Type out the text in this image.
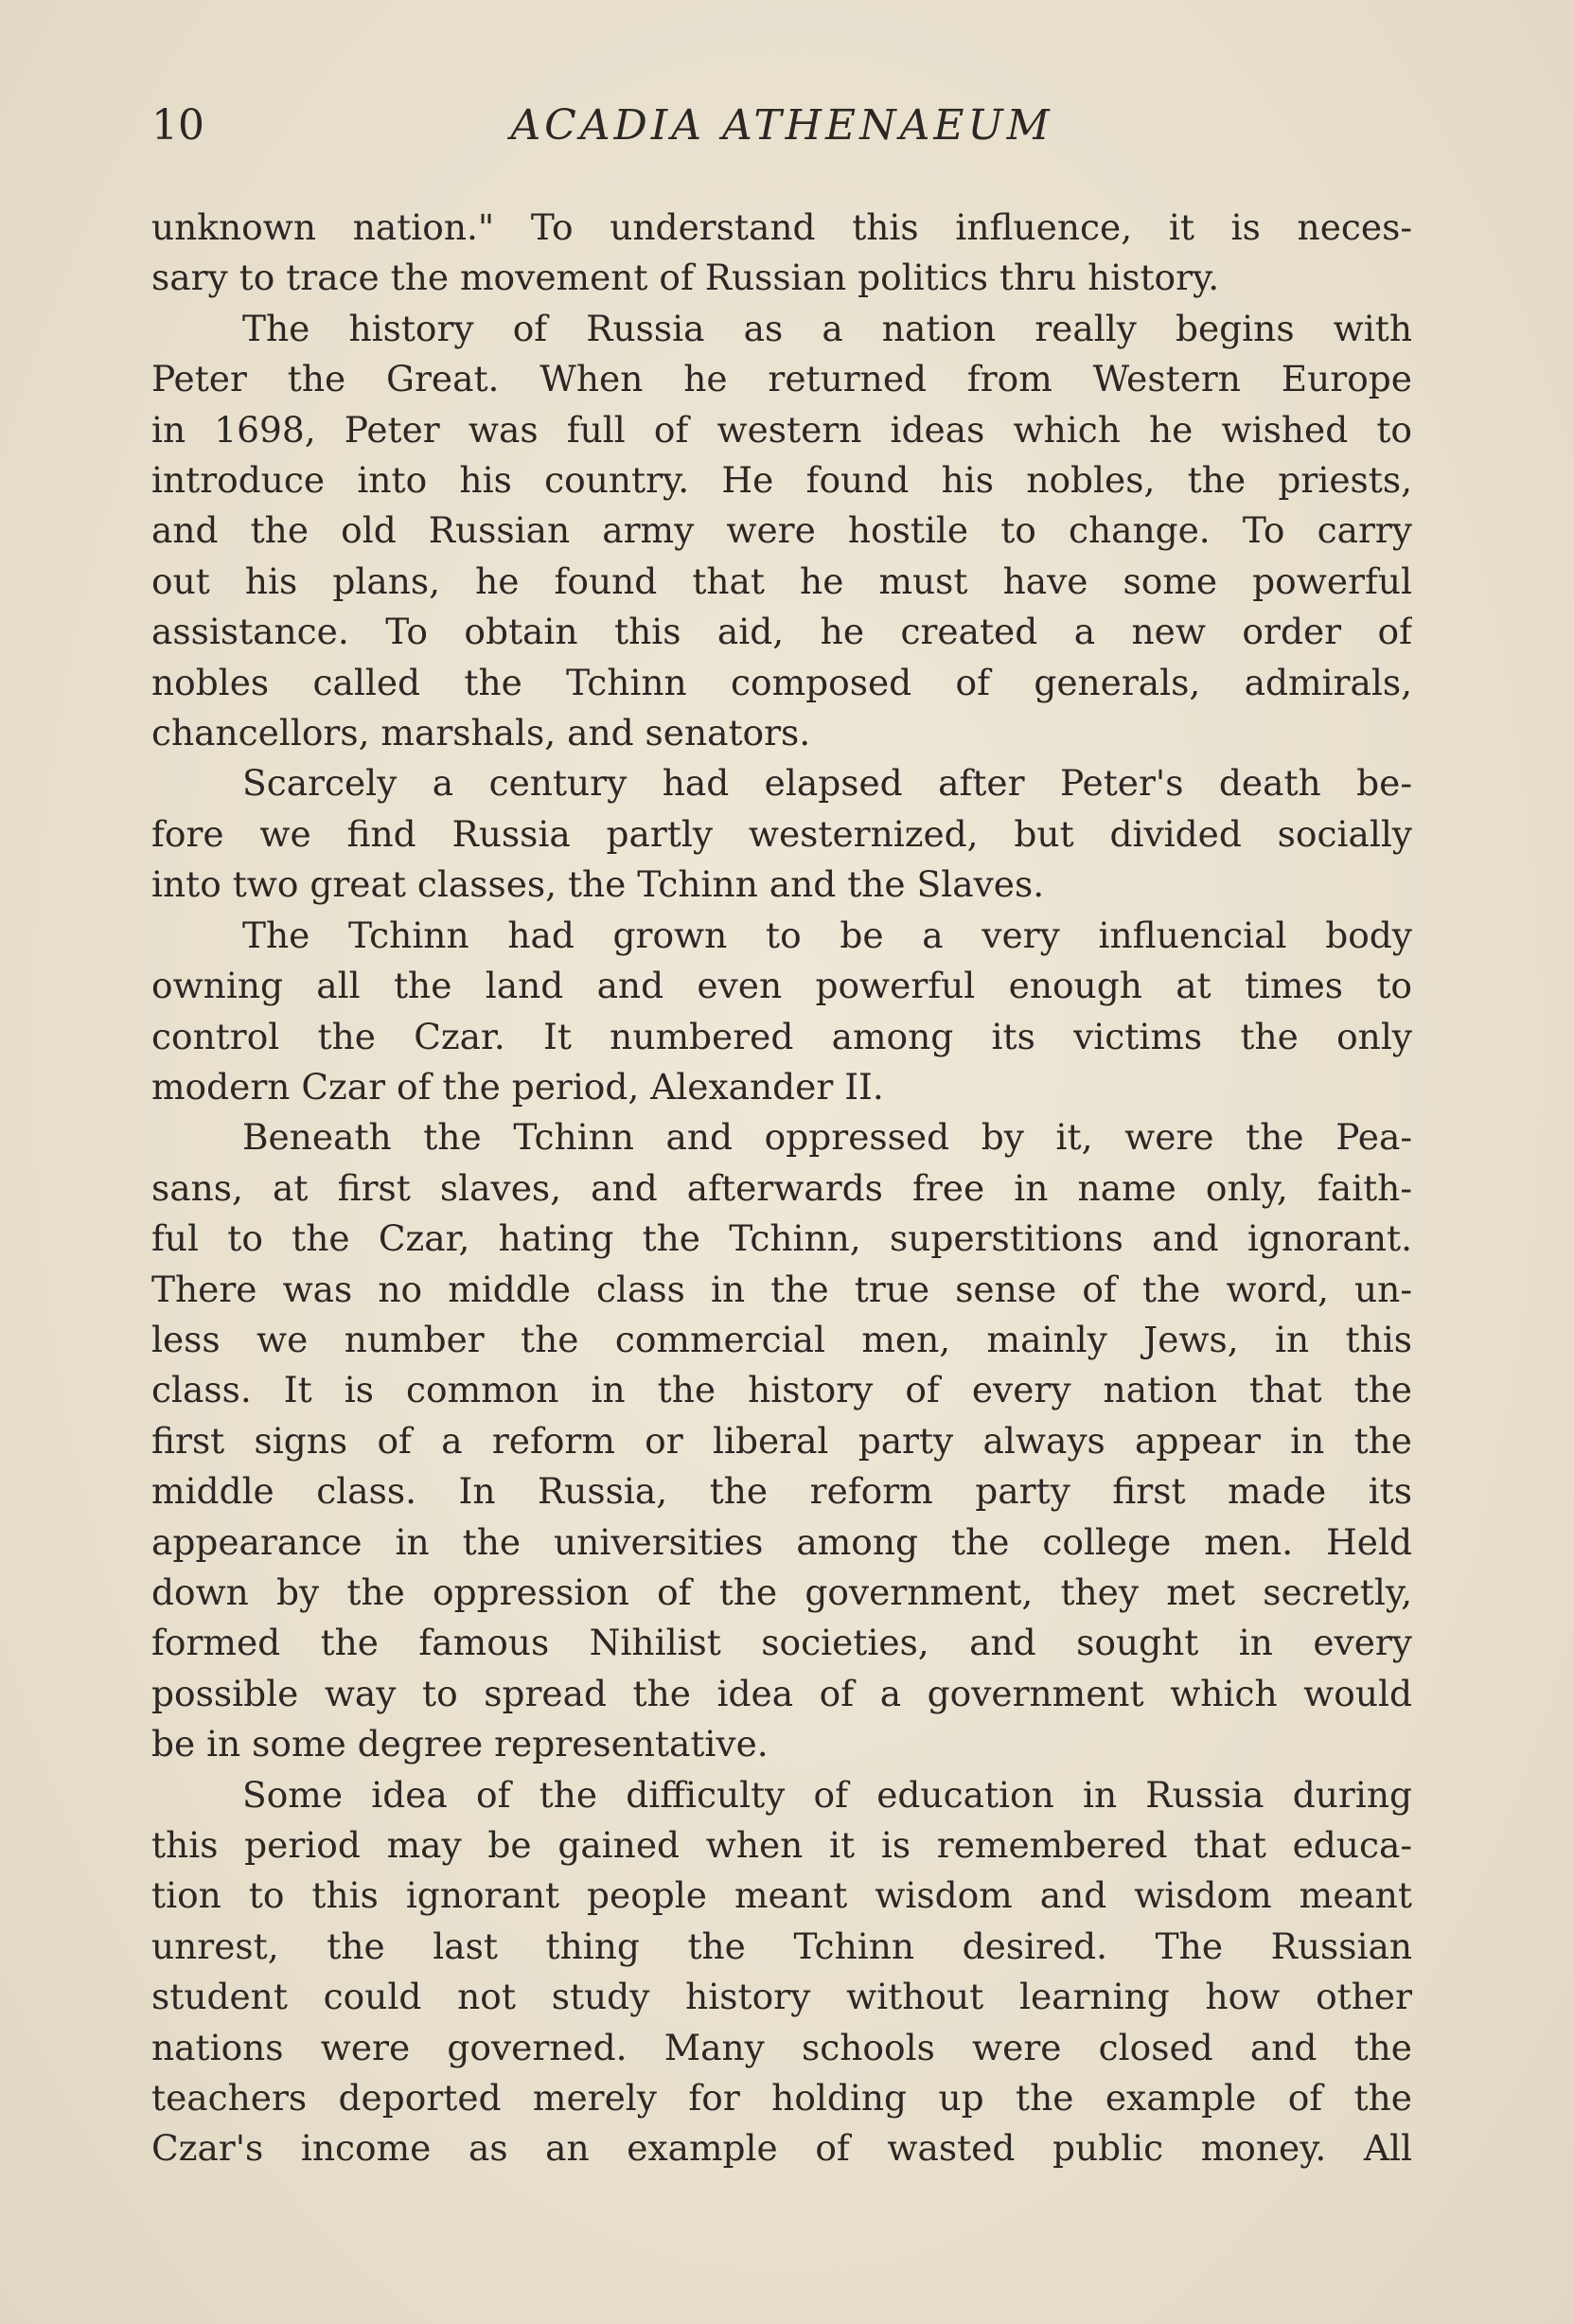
10	ACADIA ATHENAEUM
unknown nation." To understand this influence, it is neces-
sary to trace the movement of Russian politics thru history.
The history of Russia as a nation really begins with
Peter the Great. When he returned from Western Europe
in 1698, Peter was full of western ideas which he wished to
introduce into his country. He found his nobles, the priests,
and the old Russian army were hostile to change. To carry
out his plans, he found that he must have some powerful
assistance. To obtain this aid, he created a new order of
nobles called the Tchinn composed of generals, admirals,
chancellors, marshals, and senators.
Scarcely a century had elapsed after Peter's death be-
fore we find Russia partly westernized, but divided socially
into two great classes, the Tchinn and the Slaves.
The Tchinn had grown to be a very influencial body
owning all the land and even powerful enough at times to
control the Czar. It numbered among its victims the only
modern Czar of the period, Alexander II.
Beneath the Tchinn and oppressed by it, were the Pea-
sans, at first slaves, and afterwards free in name only, faith-
ful to the Czar, hating the Tchinn, superstitions and ignorant.
There was no middle class in the true sense of the word, un-
less we number the commercial men, mainly Jews, in this
class. It is common in the history of every nation that the
first signs of a reform or liberal party always appear in the
middle class. In Russia, the reform party first made its
appearance in the universities among the college men. Held
down by the oppression of the government, they met secretly,
formed the famous Nihilist societies, and sought in every
possible way to spread the idea of a government which would
be in some degree representative.
Some idea of the difficulty of education in Russia during
this period may be gained when it is remembered that educa-
tion to this ignorant people meant wisdom and wisdom meant
unrest, the last thing the Tchinn desired. The Russian
student could not study history without learning how other
nations were governed. Many schools were closed and the
teachers deported merely for holding up the example of the
Czar's income as an example of wasted public money. All
